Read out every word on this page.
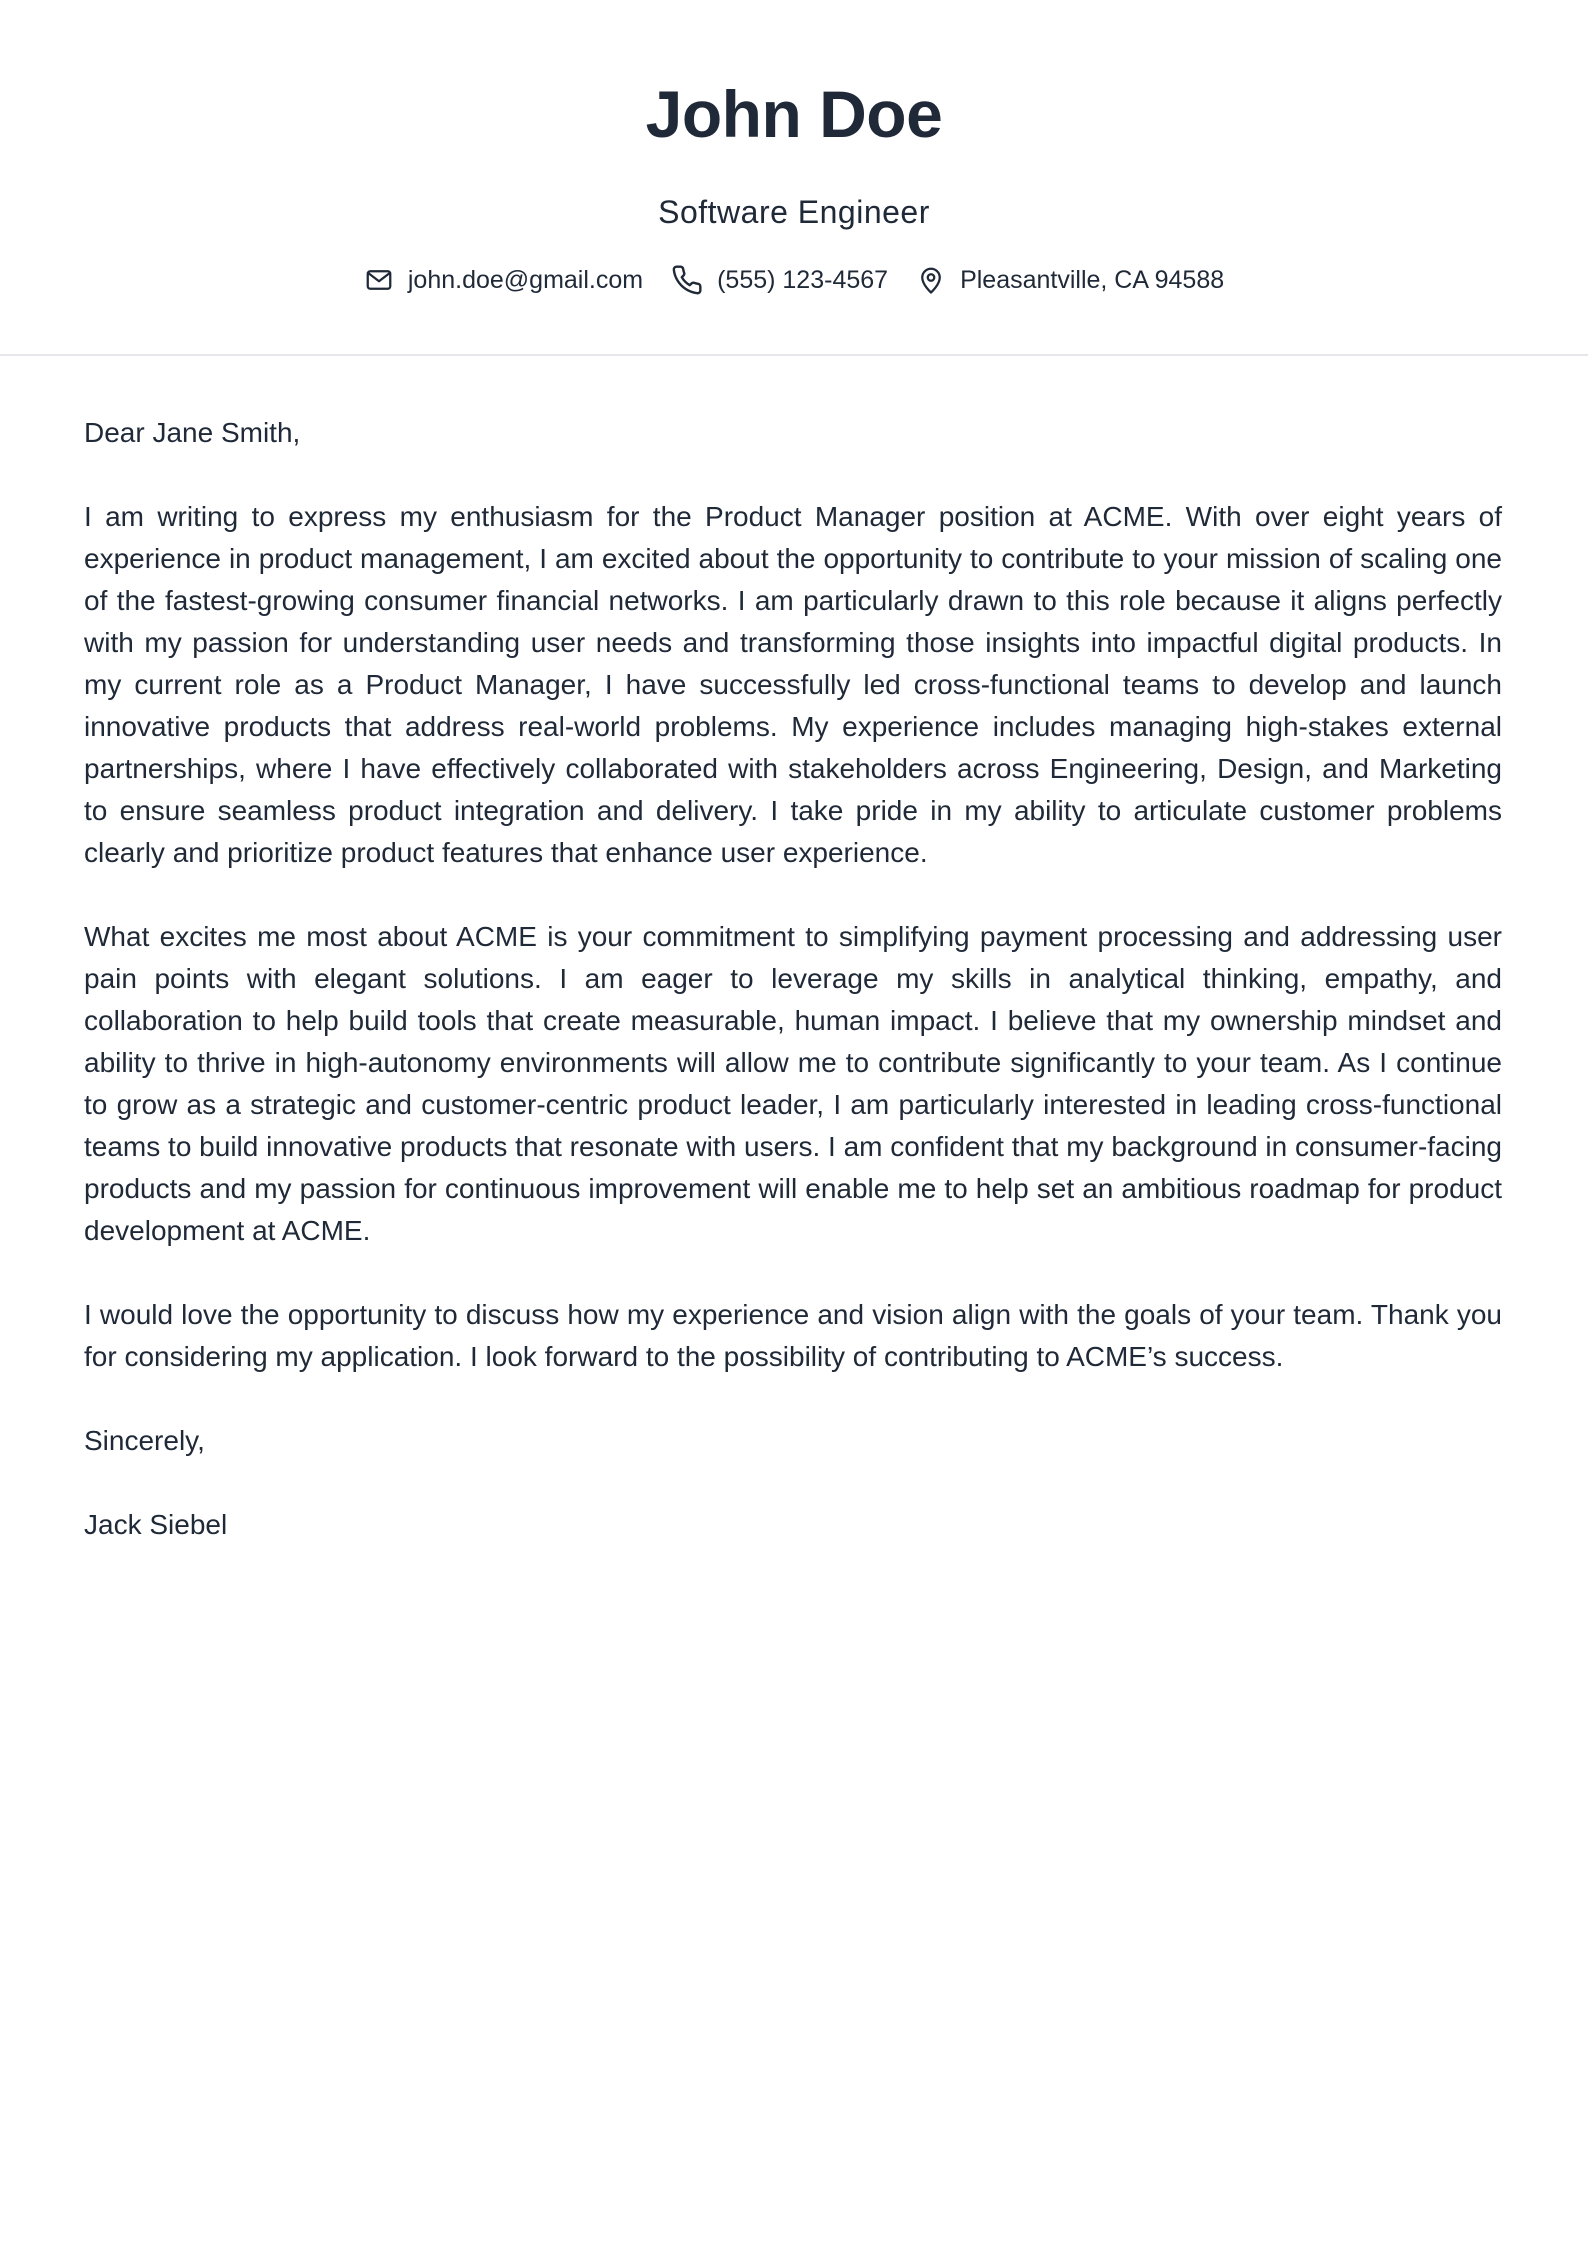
John Doe
Software Engineer
john.doe@gmail.com	(555) 123-4567	Pleasantville, CA 94588

Dear Jane Smith,

I am writing to express my enthusiasm for the Product Manager position at ACME. With over eight years of experience in product management, I am excited about the opportunity to contribute to your mission of scaling one of the fastest-growing consumer financial networks. I am particularly drawn to this role because it aligns perfectly with my passion for understanding user needs and transforming those insights into impactful digital products. In my current role as a Product Manager, I have successfully led cross-functional teams to develop and launch innovative products that address real-world problems. My experience includes managing high-stakes external partnerships, where I have effectively collaborated with stakeholders across Engineering, Design, and Marketing to ensure seamless product integration and delivery. I take pride in my ability to articulate customer problems clearly and prioritize product features that enhance user experience.

What excites me most about ACME is your commitment to simplifying payment processing and addressing user pain points with elegant solutions. I am eager to leverage my skills in analytical thinking, empathy, and collaboration to help build tools that create measurable, human impact. I believe that my ownership mindset and ability to thrive in high-autonomy environments will allow me to contribute significantly to your team. As I continue to grow as a strategic and customer-centric product leader, I am particularly interested in leading cross-functional teams to build innovative products that resonate with users. I am confident that my background in consumer-facing products and my passion for continuous improvement will enable me to help set an ambitious roadmap for product development at ACME.

I would love the opportunity to discuss how my experience and vision align with the goals of your team. Thank you for considering my application. I look forward to the possibility of contributing to ACME’s success.

Sincerely,

Jack Siebel
